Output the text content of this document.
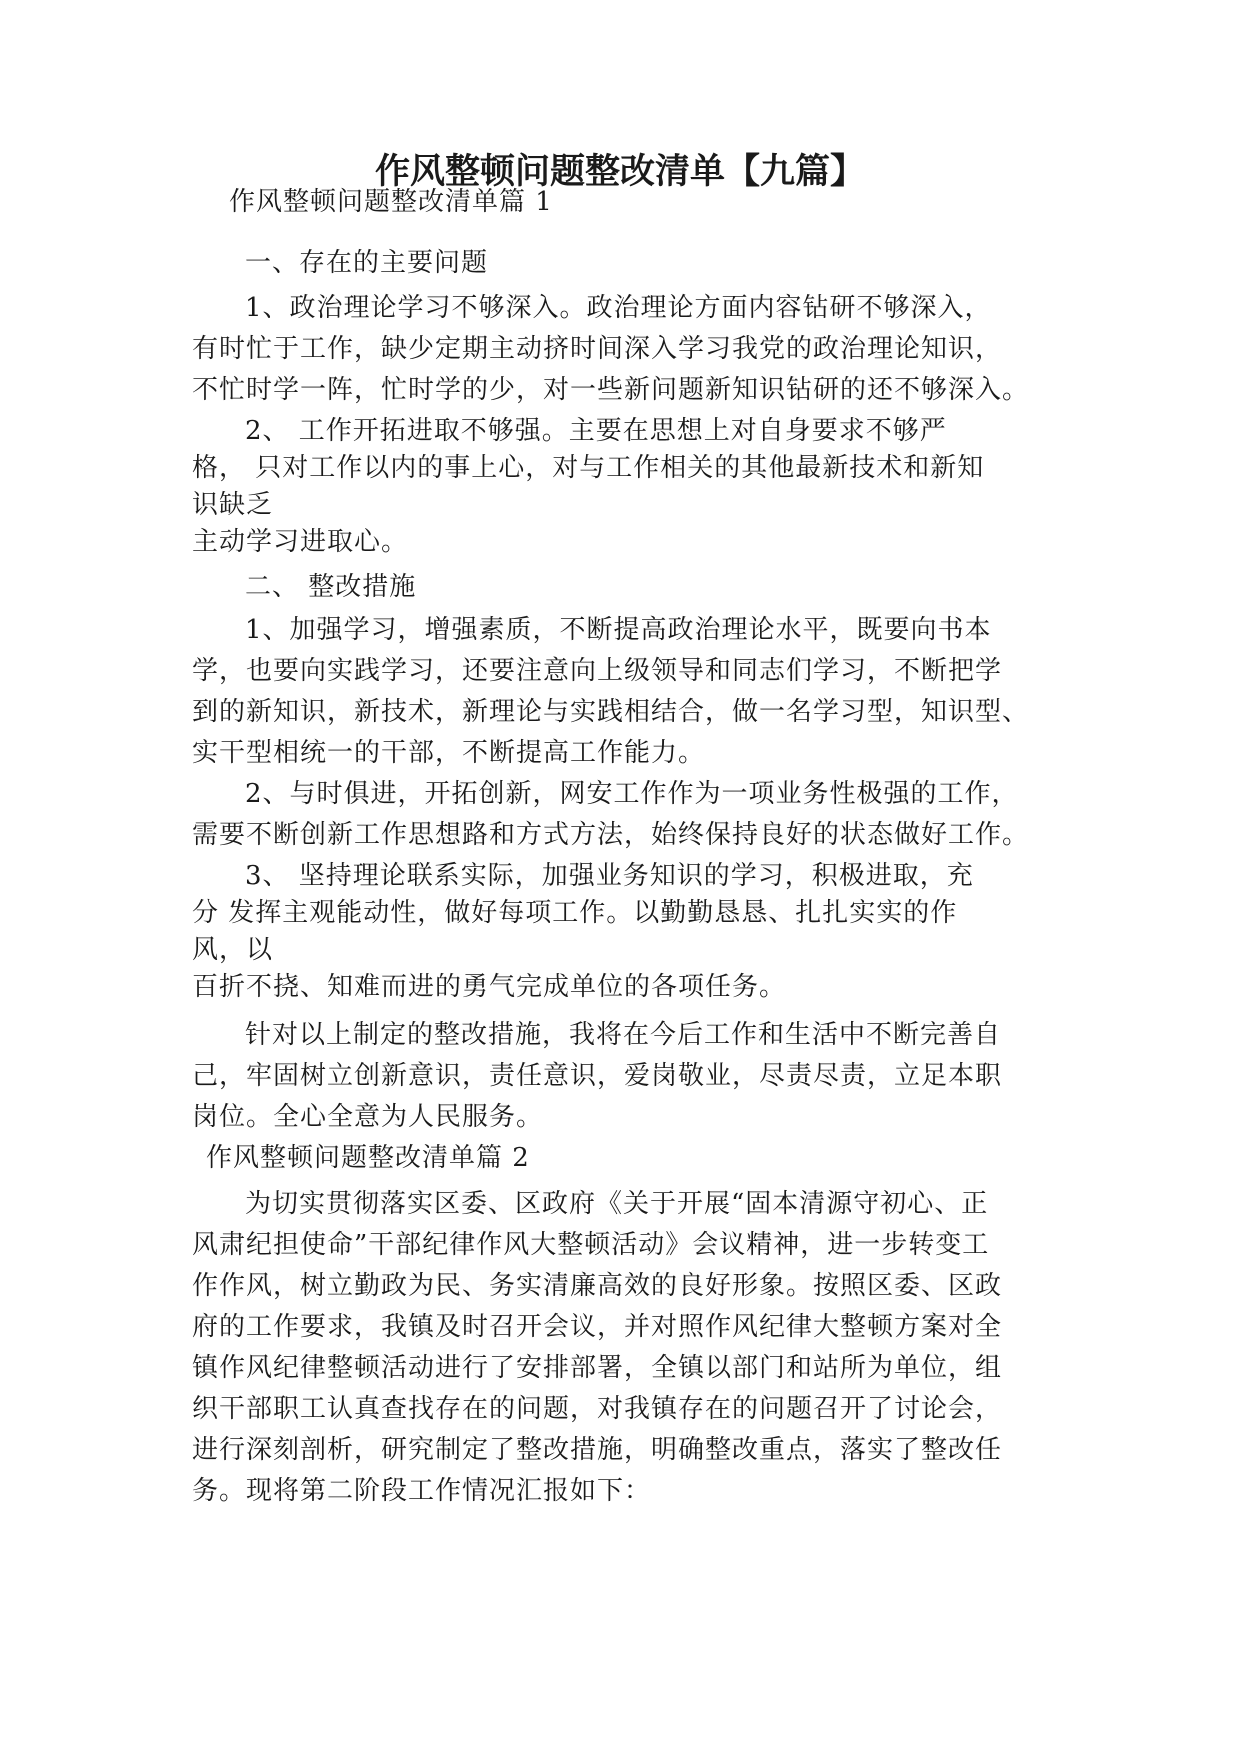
作风整顿问题整改清单【九篇】
作风整顿问题整改清单篇 1
一、存在的主要问题
1、政治理论学习不够深入。政治理论方面内容钻研不够深入，
有时忙于工作，缺少定期主动挤时间深入学习我党的政治理论知识，
不忙时学一阵，忙时学的少，对一些新问题新知识钻研的还不够深入。
2、 工作开拓进取不够强。主要在思想上对自身要求不够严
格， 只对工作以内的事上心，对与工作相关的其他最新技术和新知
识缺乏
主动学习进取心。
二、 整改措施
1、加强学习，增强素质，不断提高政治理论水平，既要向书本
学，也要向实践学习，还要注意向上级领导和同志们学习，不断把学
到的新知识，新技术，新理论与实践相结合，做一名学习型，知识型、
实干型相统一的干部，不断提高工作能力。
2、与时俱进，开拓创新，网安工作作为一项业务性极强的工作，
需要不断创新工作思想路和方式方法，始终保持良好的状态做好工作。
3、 坚持理论联系实际，加强业务知识的学习，积极进取，充
分 发挥主观能动性，做好每项工作。以勤勤恳恳、扎扎实实的作
风，以
百折不挠、知难而进的勇气完成单位的各项任务。
针对以上制定的整改措施，我将在今后工作和生活中不断完善自
己，牢固树立创新意识，责任意识，爱岗敬业，尽责尽责，立足本职
岗位。全心全意为人民服务。
作风整顿问题整改清单篇 2
为切实贯彻落实区委、区政府《关于开展“固本清源守初心、正
风肃纪担使命”干部纪律作风大整顿活动》会议精神，进一步转变工
作作风，树立勤政为民、务实清廉高效的良好形象。按照区委、区政
府的工作要求，我镇及时召开会议，并对照作风纪律大整顿方案对全
镇作风纪律整顿活动进行了安排部署，全镇以部门和站所为单位，组
织干部职工认真查找存在的问题，对我镇存在的问题召开了讨论会，
进行深刻剖析，研究制定了整改措施，明确整改重点，落实了整改任
务。现将第二阶段工作情况汇报如下：
